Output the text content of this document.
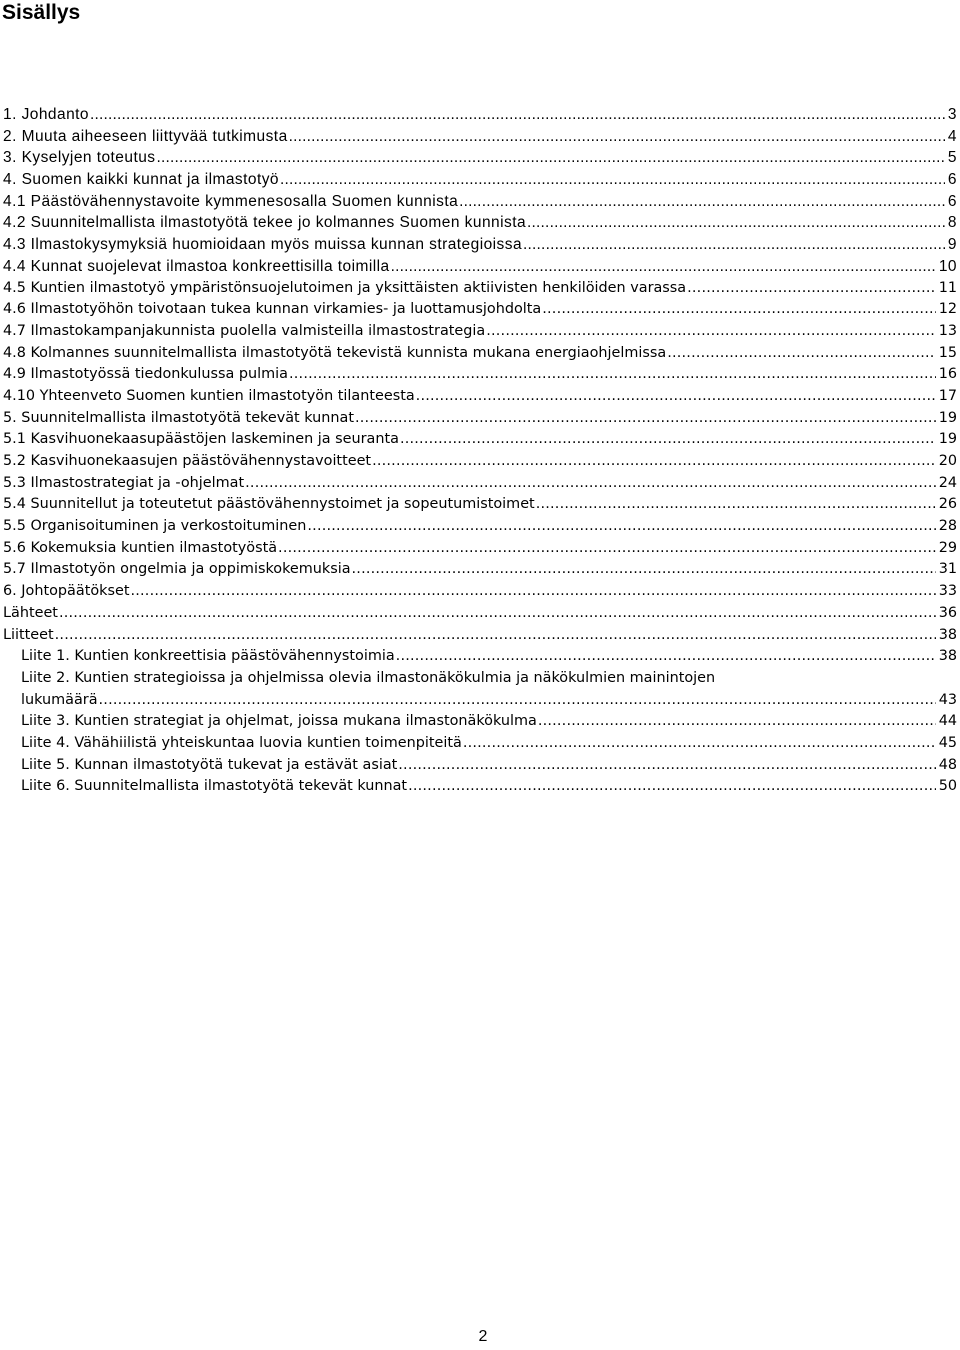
Sisällys
1. Johdanto .....	3
2. Muuta aiheeseen liittyvää tutkimusta .....	4
3. Kyselyjen toteutus .....	5
4. Suomen kaikki kunnat ja ilmastotyö .....	6
4.1 Päästövähennystavoite kymmenesosalla Suomen kunnista .....	6
4.2 Suunnitelmallista ilmastotyötä tekee jo kolmannes Suomen kunnista .....	8
4.3 Ilmastokysymyksiä huomioidaan myös muissa kunnan strategioissa .....	9
4.4 Kunnat suojelevat ilmastoa konkreettisilla toimilla .....	10
4.5 Kuntien ilmastotyö ympäristönsuojelutoimen ja yksittäisten aktiivisten henkilöiden varassa .....	11
4.6 Ilmastotyöhön toivotaan tukea kunnan virkamies- ja luottamusjohdolta .....	12
4.7 Ilmastokampanjakunnista puolella valmisteilla ilmastostrategia .....	13
4.8 Kolmannes suunnitelmallista ilmastotyötä tekevistä kunnista mukana energiaohjelmissa .....	15
4.9 Ilmastotyössä tiedonkulussa pulmia .....	16
4.10 Yhteenveto Suomen kuntien ilmastotyön tilanteesta .....	17
5. Suunnitelmallista ilmastotyötä tekevät kunnat .....	19
5.1 Kasvihuonekaasupäästöjen laskeminen ja seuranta .....	19
5.2 Kasvihuonekaasujen päästövähennystavoitteet .....	20
5.3 Ilmastostrategiat ja -ohjelmat .....	24
5.4 Suunnitellut ja toteutetut päästövähennystoimet ja sopeutumistoimet .....	26
5.5 Organisoituminen ja verkostoituminen .....	28
5.6 Kokemuksia kuntien ilmastotyöstä .....	29
5.7 Ilmastotyön ongelmia ja oppimiskokemuksia .....	31
6. Johtopäätökset .....	33
Lähteet .....	36
Liitteet .....	38
Liite 1. Kuntien konkreettisia päästövähennystoimia .....	38
Liite 2. Kuntien strategioissa ja ohjelmissa olevia ilmastonäkökulmia ja näkökulmien mainintojen
lukumäärä .....	43
Liite 3. Kuntien strategiat ja ohjelmat, joissa mukana ilmastonäkökulma .....	44
Liite 4. Vähähiilistä yhteiskuntaa luovia kuntien toimenpiteitä .....	45
Liite 5. Kunnan ilmastotyötä tukevat ja estävät asiat .....	48
Liite 6. Suunnitelmallista ilmastotyötä tekevät kunnat .....	50
2
